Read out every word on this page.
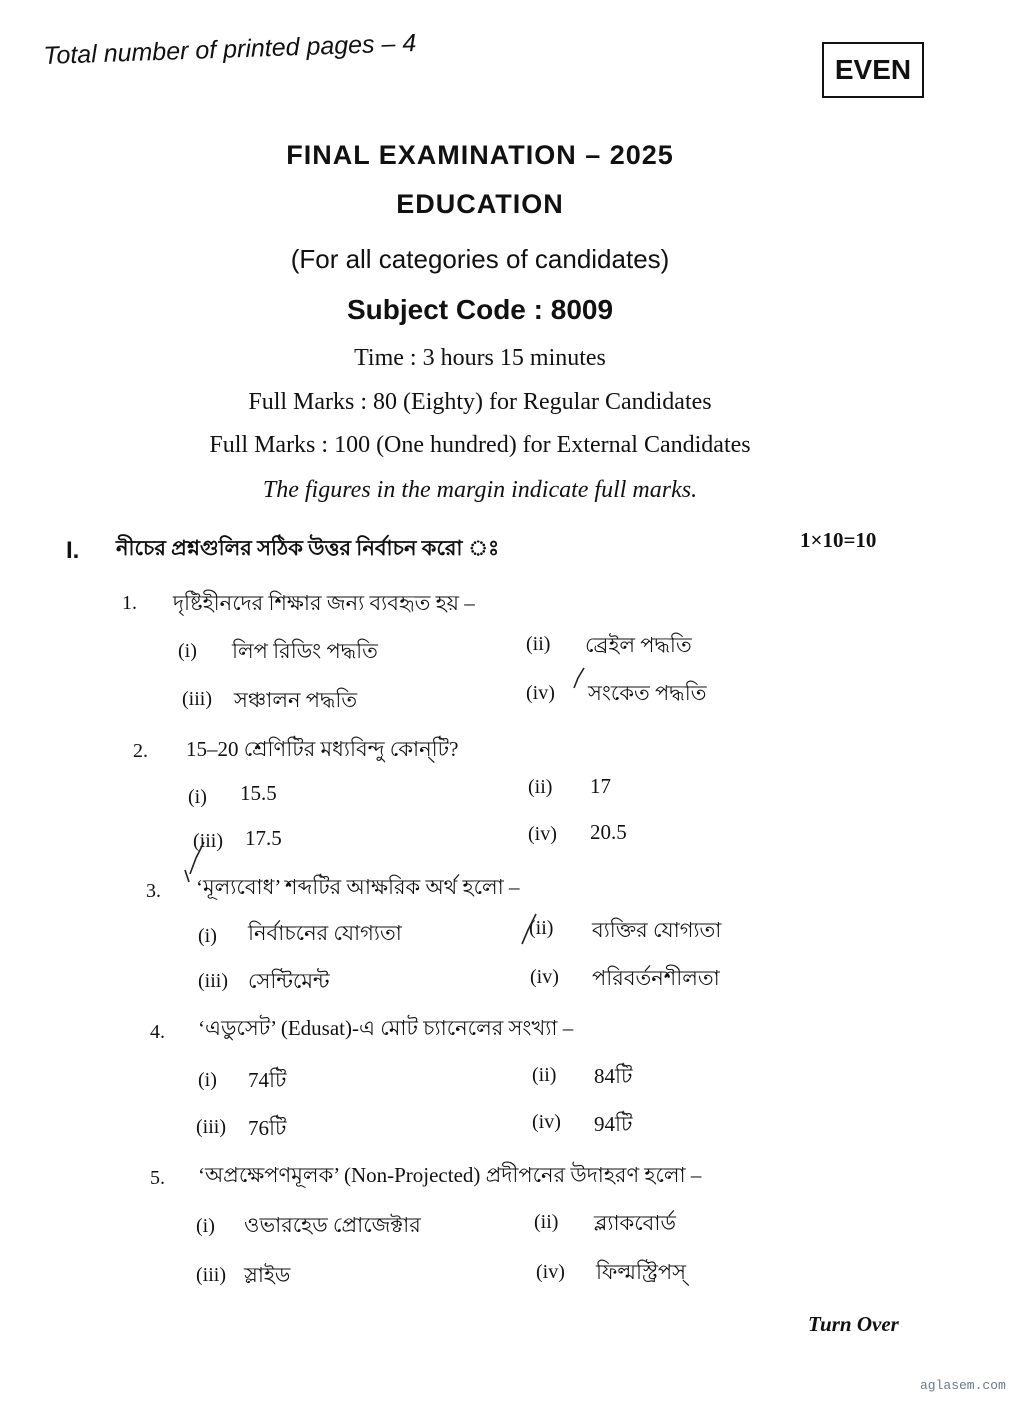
Total number of printed pages – 4	EVEN
FINAL EXAMINATION – 2025
EDUCATION
(For all categories of candidates)
Subject Code : 8009
Time : 3 hours 15 minutes
Full Marks : 80 (Eighty) for Regular Candidates
Full Marks : 100 (One hundred) for External Candidates
The figures in the margin indicate full marks.
I. নীচের প্রশ্নগুলির সঠিক উত্তর নির্বাচন করো ঃ	1×10=10
1. দৃষ্টিহীনদের শিক্ষার জন্য ব্যবহৃত হয় –
(i) লিপ রিডিং পদ্ধতি	(ii) ব্রেইল পদ্ধতি
(iii) সঞ্চালন পদ্ধতি	(iv) সংকেত পদ্ধতি
2. 15–20 শ্রেণিটির মধ্যবিন্দু কোন্‌টি?
(i) 15.5	(ii) 17
(iii) 17.5	(iv) 20.5
3. ‘মূল্যবোধ’ শব্দটির আক্ষরিক অর্থ হলো –
(i) নির্বাচনের যোগ্যতা	(ii) ব্যক্তির যোগ্যতা
(iii) সেন্টিমেন্ট	(iv) পরিবর্তনশীলতা
4. ‘এডুসেট’ (Edusat)-এ মোট চ্যানেলের সংখ্যা –
(i) 74টি	(ii) 84টি
(iii) 76টি	(iv) 94টি
5. ‘অপ্রক্ষেপণমূলক’ (Non-Projected) প্রদীপনের উদাহরণ হলো –
(i) ওভারহেড প্রোজেক্টার	(ii) ব্ল্যাকবোর্ড
(iii) স্লাইড	(iv) ফিল্মস্ট্রিপস্‌
Turn Over
aglasem.com
